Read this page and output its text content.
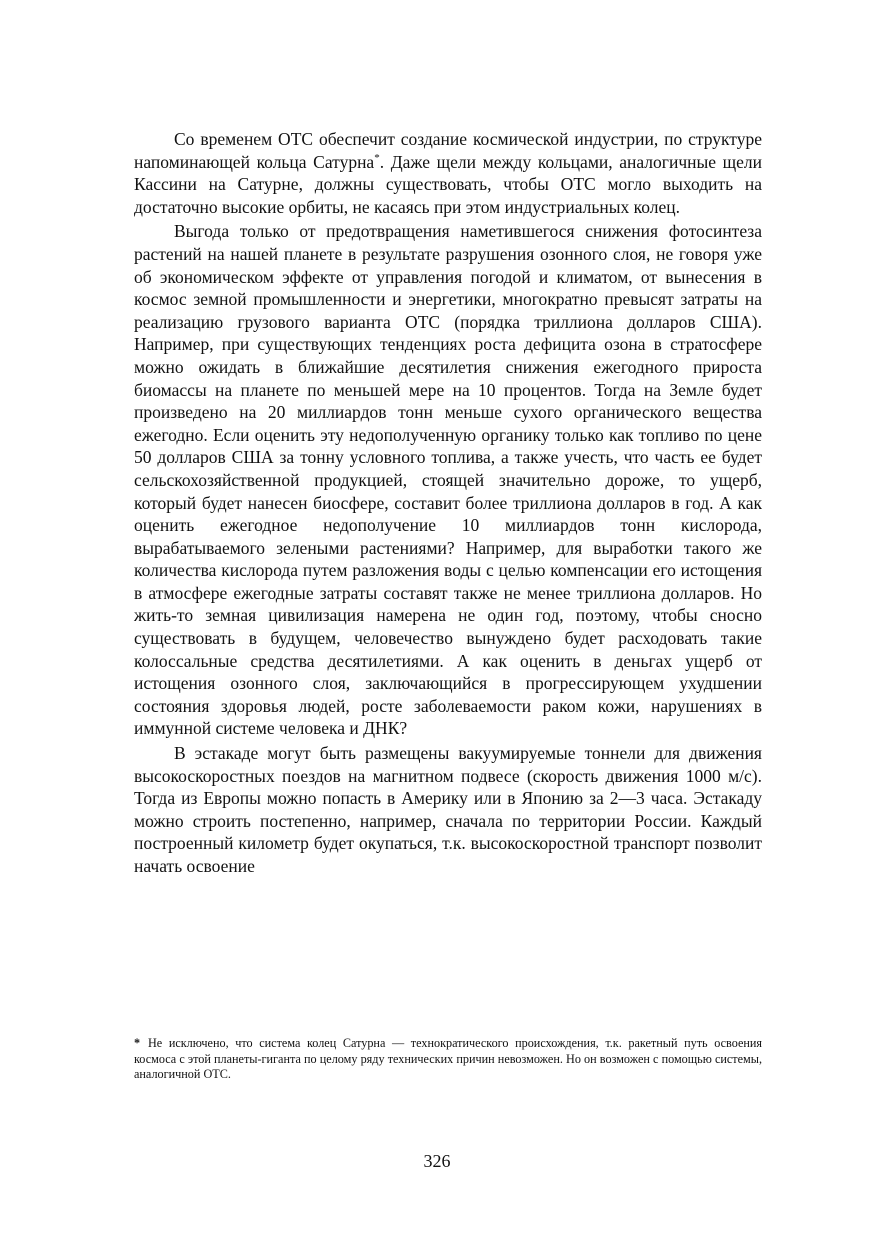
Со временем ОТС обеспечит создание космической индустрии, по структуре напоминающей кольца Сатурна*. Даже щели между кольцами, аналогичные щели Кассини на Сатурне, должны существовать, чтобы ОТС могло выходить на достаточно высокие орбиты, не касаясь при этом индустриальных колец.

Выгода только от предотвращения наметившегося снижения фотосинтеза растений на нашей планете в результате разрушения озонного слоя, не говоря уже об экономическом эффекте от управления погодой и климатом, от вынесения в космос земной промышленности и энергетики, многократно превысят затраты на реализацию грузового варианта ОТС (порядка триллиона долларов США). Например, при существующих тенденциях роста дефицита озона в стратосфере можно ожидать в ближайшие десятилетия снижения ежегодного прироста биомассы на планете по меньшей мере на 10 процентов. Тогда на Земле будет произведено на 20 миллиардов тонн меньше сухого органического вещества ежегодно. Если оценить эту недополученную органику только как топливо по цене 50 долларов США за тонну условного топлива, а также учесть, что часть ее будет сельскохозяйственной продукцией, стоящей значительно дороже, то ущерб, который будет нанесен биосфере, составит более триллиона долларов в год. А как оценить ежегодное недополучение 10 миллиардов тонн кислорода, вырабатываемого зелеными растениями? Например, для выработки такого же количества кислорода путем разложения воды с целью компенсации его истощения в атмосфере ежегодные затраты составят также не менее триллиона долларов. Но жить-то земная цивилизация намерена не один год, поэтому, чтобы сносно существовать в будущем, человечество вынуждено будет расходовать такие колоссальные средства десятилетиями. А как оценить в деньгах ущерб от истощения озонного слоя, заключающийся в прогрессирующем ухудшении состояния здоровья людей, росте заболеваемости раком кожи, нарушениях в иммунной системе человека и ДНК?

В эстакаде могут быть размещены вакуумируемые тоннели для движения высокоскоростных поездов на магнитном подвесе (скорость движения 1000 м/с). Тогда из Европы можно попасть в Америку или в Японию за 2—3 часа. Эстакаду можно строить постепенно, например, сначала по территории России. Каждый построенный километр будет окупаться, т.к. высокоскоростной транспорт позволит начать освоение

* Не исключено, что система колец Сатурна — технократического происхождения, т.к. ракетный путь освоения космоса с этой планеты-гиганта по целому ряду технических причин невозможен. Но он возможен с помощью системы, аналогичной ОТС.

326
